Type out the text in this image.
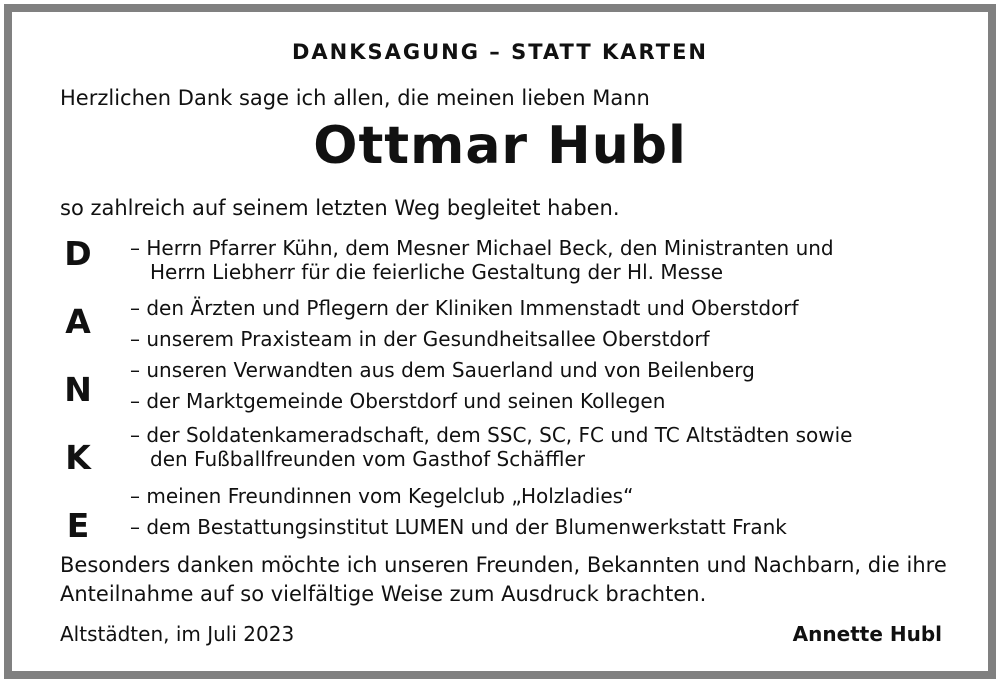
DANKSAGUNG – STATT KARTEN
Herzlichen Dank sage ich allen, die meinen lieben Mann
Ottmar Hubl
so zahlreich auf seinem letzten Weg begleitet haben.
D
A
N
K
E
– Herrn Pfarrer Kühn, dem Mesner Michael Beck, den Ministranten und
Herrn Liebherr für die feierliche Gestaltung der Hl. Messe
– den Ärzten und Pflegern der Kliniken Immenstadt und Oberstdorf
– unserem Praxisteam in der Gesundheitsallee Oberstdorf
– unseren Verwandten aus dem Sauerland und von Beilenberg
– der Marktgemeinde Oberstdorf und seinen Kollegen
– der Soldatenkameradschaft, dem SSC, SC, FC und TC Altstädten sowie
den Fußballfreunden vom Gasthof Schäffler
– meinen Freundinnen vom Kegelclub „Holzladies“
– dem Bestattungsinstitut LUMEN und der Blumenwerkstatt Frank
Besonders danken möchte ich unseren Freunden, Bekannten und Nachbarn, die ihre
Anteilnahme auf so vielfältige Weise zum Ausdruck brachten.
Altstädten, im Juli 2023	Annette Hubl
